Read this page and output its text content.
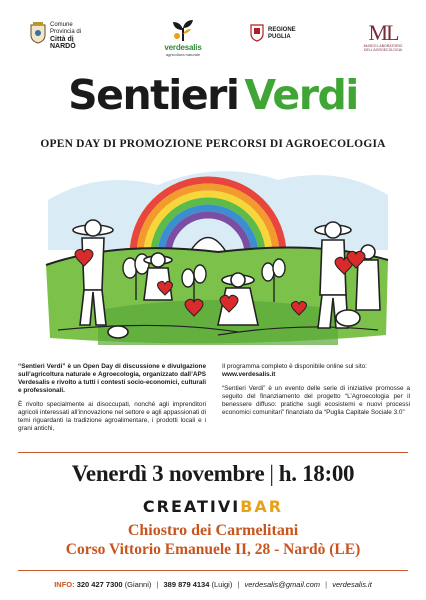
Comune
Provincia di
Città di
NARDÒ	verdesalis
agricoltura naturale
REGIONE
PUGLIA	ML
MUSEO LABORATORIO DELL'AGROECOLOGIA
Sentieri Verdi
OPEN DAY DI PROMOZIONE PERCORSI DI AGROECOLOGIA

“Sentieri Verdi” è un Open Day di discussione e divulgazione sull’agricoltura naturale e Agroecologia, organizzato dall’APS Verdesalis e rivolto a tutti i contesti socio-economici, culturali e professionali.

È rivolto specialmente ai disoccupati, nonché agli imprenditori agricoli interessati all’innovazione nel settore e agli appassionati di temi riguardanti la tradizione agroalimentare, i prodotti locali e i grani antichi,

Il programma completo è disponibile online sul sito:
www.verdesalis.it

“Sentieri Verdi” è un evento delle serie di iniziative promosse a seguito del finanziamento del progetto “L’Agroecologia per il benessere diffuso: pratiche sugli ecosistemi e nuovi processi economici comunitari” finanziato da “Puglia Capitale Sociale 3.0”

Venerdì 3 novembre | h. 18:00
CREATIVIBAR
Chiostro dei Carmelitani
Corso Vittorio Emanuele II, 28 - Nardò (LE)
INFO: 320 427 7300 (Gianni) | 389 879 4134 (Luigi) | verdesalis@gmail.com | verdesalis.it
